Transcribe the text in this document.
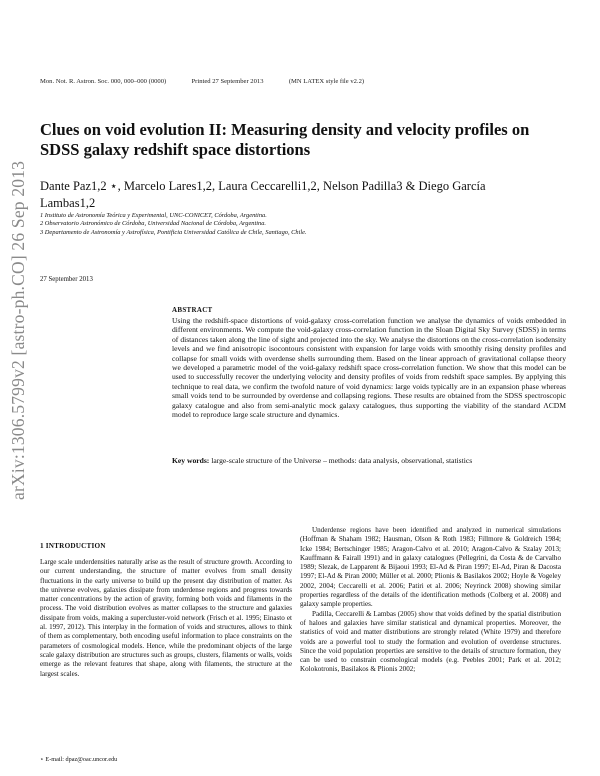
arXiv:1306.5799v2 [astro-ph.CO] 26 Sep 2013
Mon. Not. R. Astron. Soc. 000, 000–000 (0000)	Printed 27 September 2013	(MN LATEX style file v2.2)
Clues on void evolution II: Measuring density and velocity profiles on SDSS galaxy redshift space distortions
Dante Paz1,2 ⋆, Marcelo Lares1,2, Laura Ceccarelli1,2, Nelson Padilla3 & Diego García
Lambas1,2
1 Instituto de Astronomía Teórica y Experimental, UNC-CONICET, Córdoba, Argentina.
2 Observatorio Astronómico de Córdoba, Universidad Nacional de Córdoba, Argentina.
3 Departamento de Astronomía y Astrofísica, Pontificia Universidad Católica de Chile, Santiago, Chile.
27 September 2013
ABSTRACT
Using the redshift-space distortions of void-galaxy cross-correlation function we analyse the dynamics of voids embedded in different environments. We compute the void-galaxy cross-correlation function in the Sloan Digital Sky Survey (SDSS) in terms of distances taken along the line of sight and projected into the sky. We analyse the distortions on the cross-correlation isodensity levels and we find anisotropic isocontours consistent with expansion for large voids with smoothly rising density profiles and collapse for small voids with overdense shells surrounding them. Based on the linear approach of gravitational collapse theory we developed a parametric model of the void-galaxy redshift space cross-correlation function. We show that this model can be used to successfully recover the underlying velocity and density profiles of voids from redshift space samples. By applying this technique to real data, we confirm the twofold nature of void dynamics: large voids typically are in an expansion phase whereas small voids tend to be surrounded by overdense and collapsing regions. These results are obtained from the SDSS spectroscopic galaxy catalogue and also from semi-analytic mock galaxy catalogues, thus supporting the viability of the standard ΛCDM model to reproduce large scale structure and dynamics.
Key words: large-scale structure of the Universe – methods: data analysis, observational, statistics
1 INTRODUCTION
Large scale underdensities naturally arise as the result of structure growth. According to our current understanding, the structure of matter evolves from small density fluctuations in the early universe to build up the present day distribution of matter. As the universe evolves, galaxies dissipate from underdense regions and progress towards matter concentrations by the action of gravity, forming both voids and filaments in the process. The void distribution evolves as matter collapses to the structure and galaxies dissipate from voids, making a supercluster-void network (Frisch et al. 1995; Einasto et al. 1997, 2012). This interplay in the formation of voids and structures, allows to think of them as complementary, both encoding useful information to place constraints on the parameters of cosmological models. Hence, while the predominant objects of the large scale galaxy distribution are structures such as groups, clusters, filaments or walls, voids emerge as the relevant features that shape, along with filaments, the structure at the largest scales.

Underdense regions have been identified and analyzed in numerical simulations (Hoffman & Shaham 1982; Hausman, Olson & Roth 1983; Fillmore & Goldreich 1984; Icke 1984; Bertschinger 1985; Aragon-Calvo et al. 2010; Aragon-Calvo & Szalay 2013; Kauffmann & Fairall 1991) and in galaxy catalogues (Pellegrini, da Costa & de Carvalho 1989; Slezak, de Lapparent & Bijaoui 1993; El-Ad & Piran 1997; El-Ad, Piran & Dacosta 1997; El-Ad & Piran 2000; Müller et al. 2000; Plionis & Basilakos 2002; Hoyle & Vogeley 2002, 2004; Ceccarelli et al. 2006; Patiri et al. 2006; Neyrinck 2008) showing similar properties regardless of the details of the identification methods (Colberg et al. 2008) and galaxy sample properties.

Padilla, Ceccarelli & Lambas (2005) show that voids defined by the spatial distribution of haloes and galaxies have similar statistical and dynamical properties. Moreover, the statistics of void and matter distributions are strongly related (White 1979) and therefore voids are a powerful tool to study the formation and evolution of overdense structures. Since the void population properties are sensitive to the details of structure formation, they can be used to constrain cosmological models (e.g. Peebles 2001; Park et al. 2012; Kolokotronis, Basilakos & Plionis 2002;

⋆ E-mail: dpaz@oac.uncor.edu
